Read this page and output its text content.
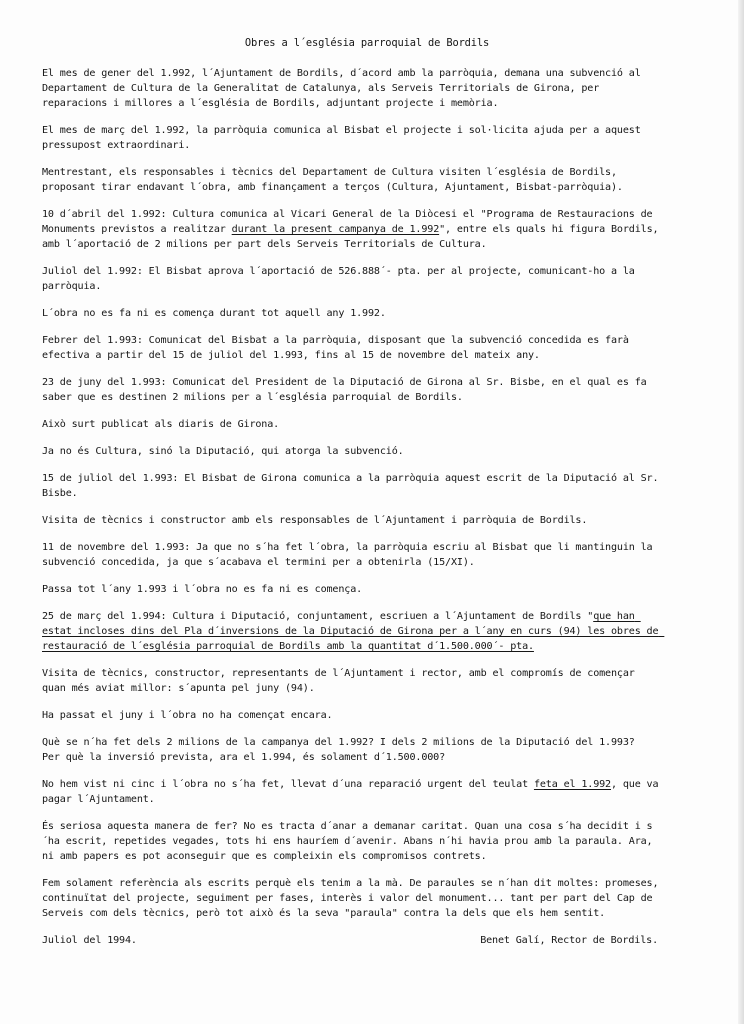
Obres a l´església parroquial de Bordils
El mes de gener del 1.992, l´Ajuntament de Bordils, d´acord amb la parròquia, demana una subvenció al Departament de Cultura de la Generalitat de Catalunya, als Serveis Territorials de Girona, per reparacions i millores a l´església de Bordils, adjuntant projecte i memòria.
El mes de març del 1.992, la parròquia comunica al Bisbat el projecte i sol·licita ajuda per a aquest pressupost extraordinari.
Mentrestant, els responsables i tècnics del Departament de Cultura visiten l´església de Bordils, proposant tirar endavant l´obra, amb finançament a terços (Cultura, Ajuntament, Bisbat-parròquia).
10 d´abril del 1.992: Cultura comunica al Vicari General de la Diòcesi el "Programa de Restauracions de Monuments previstos a realitzar durant la present campanya de 1.992", entre els quals hi figura Bordils, amb l´aportació de 2 milions per part dels Serveis Territorials de Cultura.
Juliol del 1.992: El Bisbat aprova l´aportació de 526.888´- pta. per al projecte, comunicant-ho a la parròquia.
L´obra no es fa ni es comença durant tot aquell any 1.992.
Febrer del 1.993: Comunicat del Bisbat a la parròquia, disposant que la subvenció concedida es farà efectiva a partir del 15 de juliol del 1.993, fins al 15 de novembre del mateix any.
23 de juny del 1.993: Comunicat del President de la Diputació de Girona al Sr. Bisbe, en el qual es fa saber que es destinen 2 milions per a l´església parroquial de Bordils.
Això surt publicat als diaris de Girona.
Ja no és Cultura, sinó la Diputació, qui atorga la subvenció.
15 de juliol del 1.993: El Bisbat de Girona comunica a la parròquia aquest escrit de la Diputació al Sr. Bisbe.
Visita de tècnics i constructor amb els responsables de l´Ajuntament i parròquia de Bordils.
11 de novembre del 1.993: Ja que no s´ha fet l´obra, la parròquia escriu al Bisbat que li mantinguin la subvenció concedida, ja que s´acabava el termini per a obtenirla (15/XI).
Passa tot l´any 1.993 i l´obra no es fa ni es comença.
25 de març del 1.994: Cultura i Diputació, conjuntament, escriuen a l´Ajuntament de Bordils "que han estat incloses dins del Pla d´inversions de la Diputació de Girona per a l´any en curs (94) les obres de restauració de l´església parroquial de Bordils amb la quantitat d´1.500.000´- pta.
Visita de tècnics, constructor, representants de l´Ajuntament i rector, amb el compromís de començar quan més aviat millor: s´apunta pel juny (94).
Ha passat el juny i l´obra no ha començat encara.
Què se n´ha fet dels 2 milions de la campanya del 1.992? I dels 2 milions de la Diputació del 1.993?
Per què la inversió prevista, ara el 1.994, és solament d´1.500.000?
No hem vist ni cinc i l´obra no s´ha fet, llevat d´una reparació urgent del teulat feta el 1.992, que va pagar l´Ajuntament.
És seriosa aquesta manera de fer? No es tracta d´anar a demanar caritat. Quan una cosa s´ha decidit i s´ha escrit, repetides vegades, tots hi ens hauríem d´avenir. Abans n´hi havia prou amb la paraula. Ara, ni amb papers es pot aconseguir que es compleixin els compromisos contrets.
Fem solament referència als escrits perquè els tenim a la mà. De paraules se n´han dit moltes: promeses, continuïtat del projecte, seguiment per fases, interès i valor del monument... tant per part del Cap de Serveis com dels tècnics, però tot això és la seva "paraula" contra la dels que els hem sentit.
Juliol del 1994.	Benet Galí, Rector de Bordils.
